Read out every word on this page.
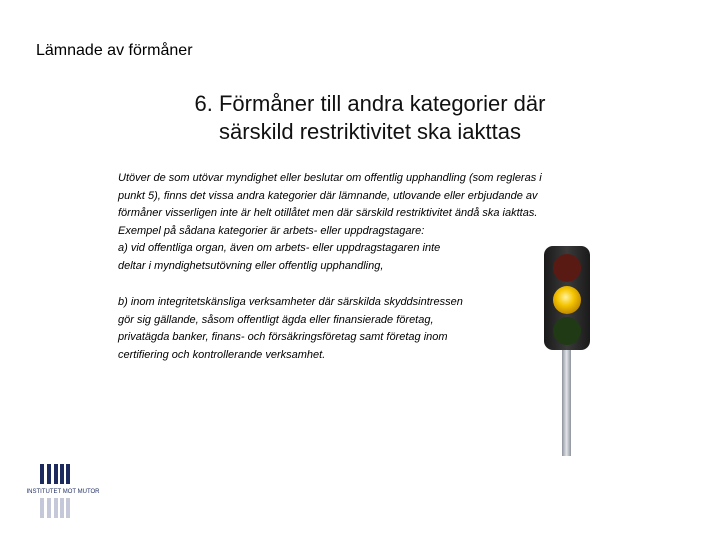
Lämnade av förmåner
6. Förmåner till andra kategorier där
särskild restriktivitet ska iakttas

Utöver de som utövar myndighet eller beslutar om offentlig upphandling (som regleras i

punkt 5), finns det vissa andra kategorier där lämnande, utlovande eller erbjudande av

förmåner visserligen inte är helt otillåtet men där särskild restriktivitet ändå ska iakttas.

Exempel på sådana kategorier är arbets- eller uppdragstagare:

a) vid offentliga organ, även om arbets- eller uppdragstagaren inte

deltar i myndighetsutövning eller offentlig upphandling,

b) inom integritetskänsliga verksamheter där särskilda skyddsintressen

gör sig gällande, såsom offentligt ägda eller finansierade företag,

privatägda banker, finans- och försäkringsföretag samt företag inom

certifiering och kontrollerande verksamhet.

INSTITUTET MOT MUTOR
